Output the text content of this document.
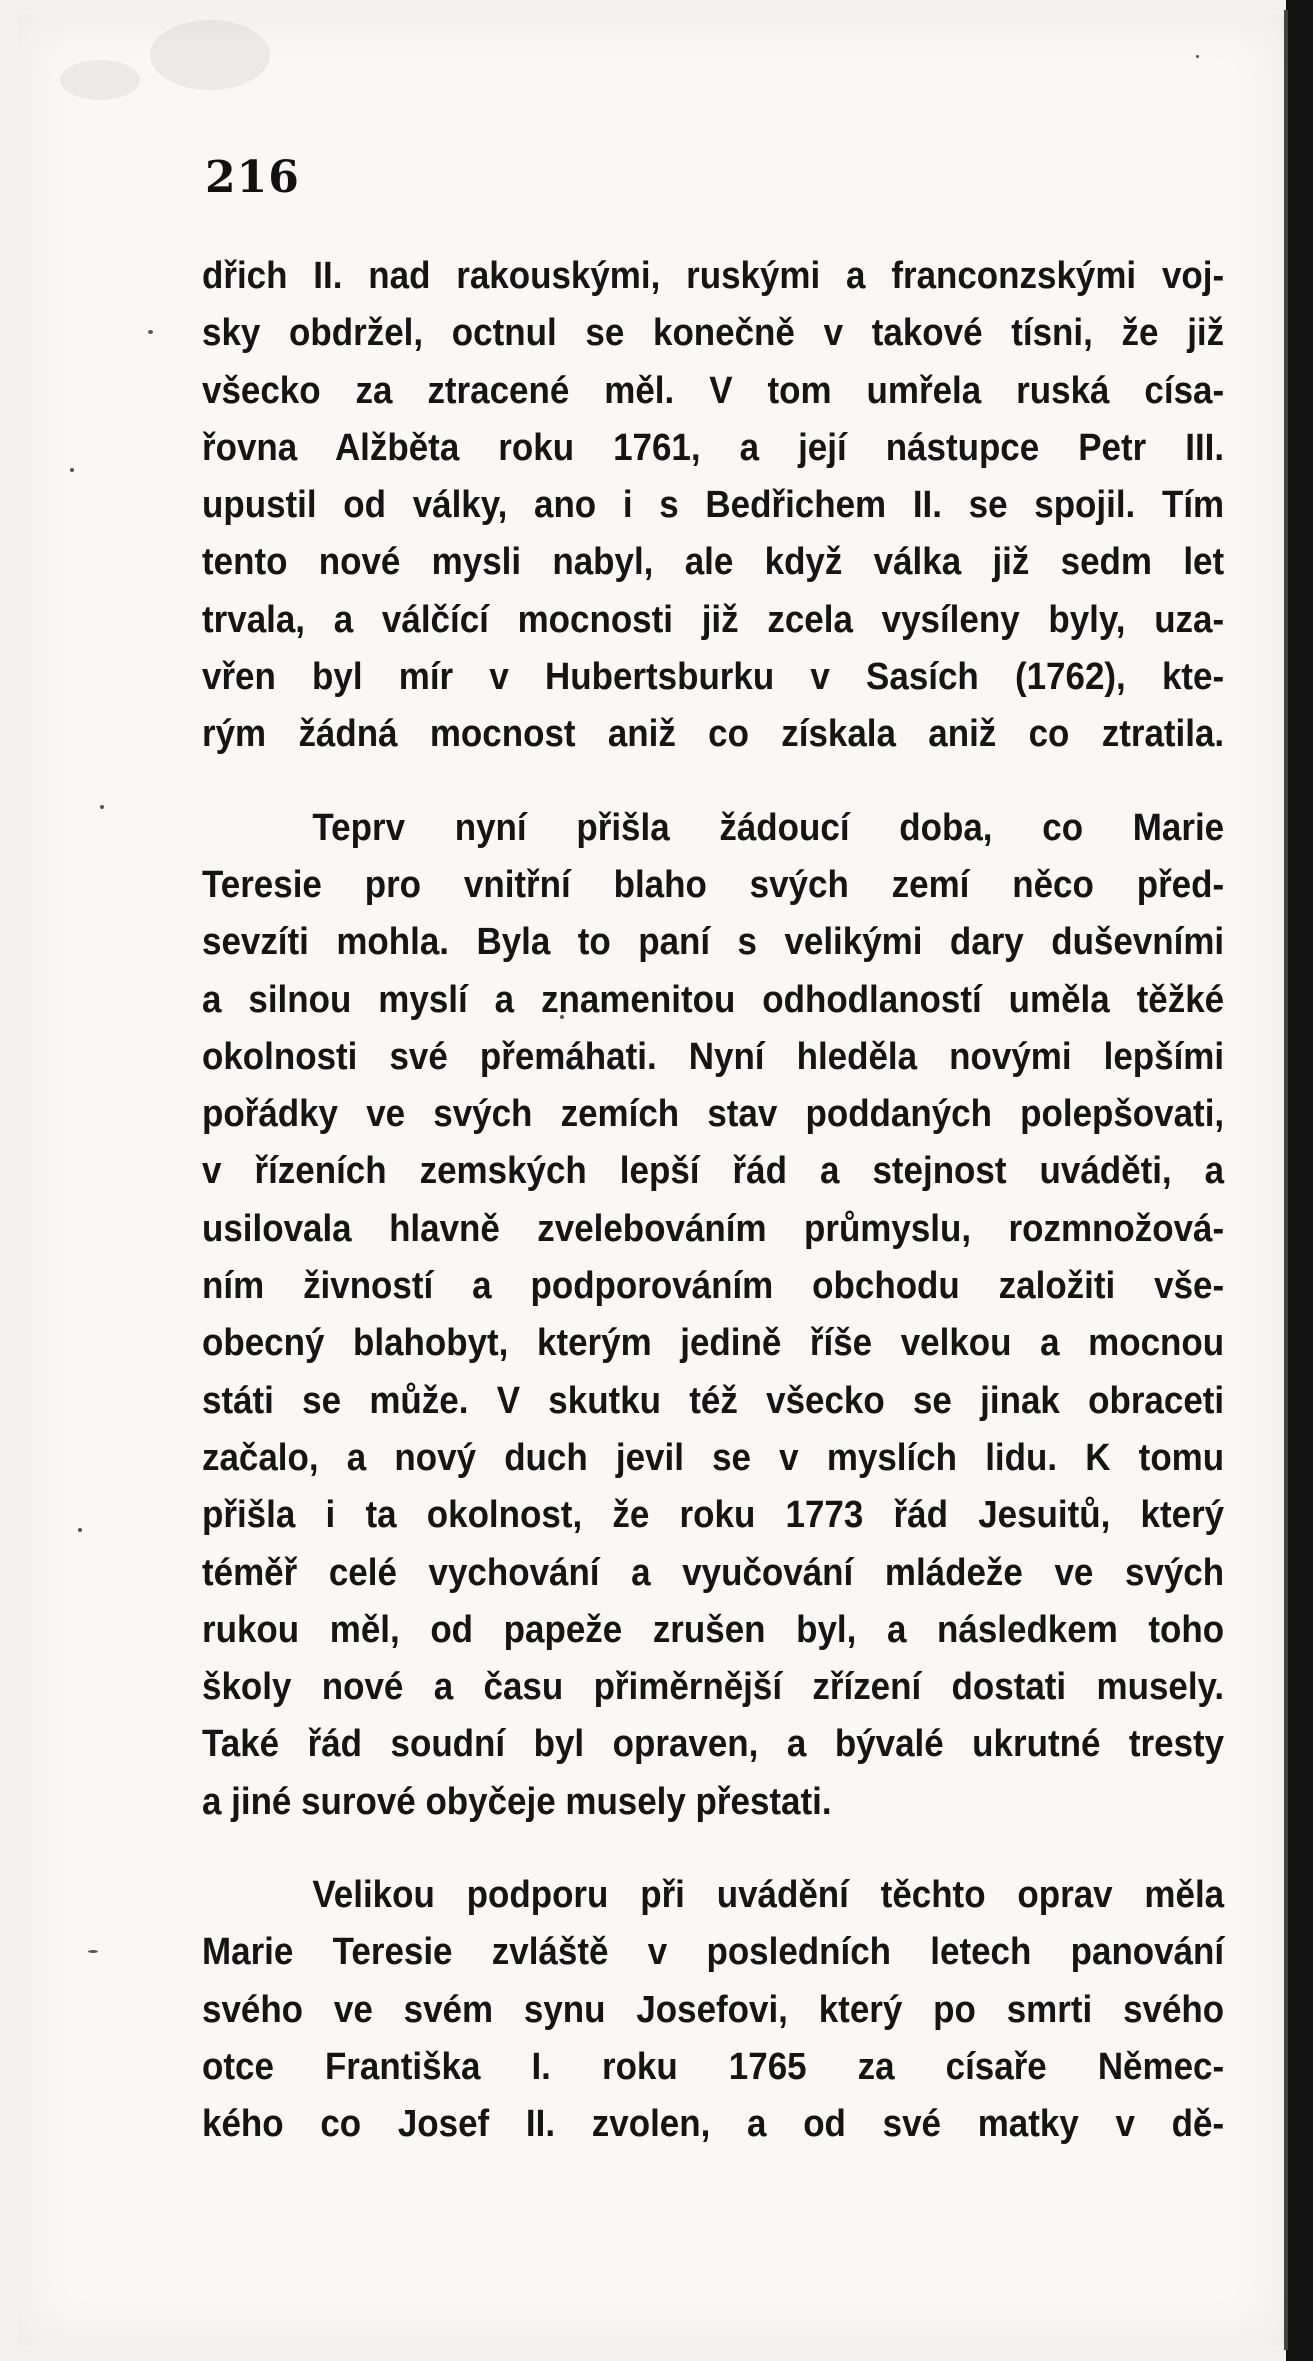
216
dřich II. nad rakouskými, ruskými a franconzskými voj-
sky obdržel, octnul se konečně v takové tísni, že již
všecko za ztracené měl. V tom umřela ruská císa-
řovna Alžběta roku 1761, a její nástupce Petr III.
upustil od války, ano i s Bedřichem II. se spojil. Tím
tento nové mysli nabyl, ale když válka již sedm let
trvala, a válčící mocnosti již zcela vysíleny byly, uza-
vřen byl mír v Hubertsburku v Sasích (1762), kte-
rým žádná mocnost aniž co získala aniž co ztratila.
Teprv nyní přišla žádoucí doba, co Marie
Teresie pro vnitřní blaho svých zemí něco před-
sevzíti mohla. Byla to paní s velikými dary duševními
a silnou myslí a znamenitou odhodlaností uměla těžké
okolnosti své přemáhati. Nyní hleděla novými lepšími
pořádky ve svých zemích stav poddaných polepšovati,
v řízeních zemských lepší řád a stejnost uváděti, a
usilovala hlavně zvelebováním průmyslu, rozmnožová-
ním živností a podporováním obchodu založiti vše-
obecný blahobyt, kterým jedině říše velkou a mocnou
státi se může. V skutku též všecko se jinak obraceti
začalo, a nový duch jevil se v myslích lidu. K tomu
přišla i ta okolnost, že roku 1773 řád Jesuitů, který
téměř celé vychování a vyučování mládeže ve svých
rukou měl, od papeže zrušen byl, a následkem toho
školy nové a času přiměrnější zřízení dostati musely.
Také řád soudní byl opraven, a bývalé ukrutné tresty
a jiné surové obyčeje musely přestati.
Velikou podporu při uvádění těchto oprav měla
Marie Teresie zvláště v posledních letech panování
svého ve svém synu Josefovi, který po smrti svého
otce Františka I. roku 1765 za císaře Němec-
kého co Josef II. zvolen, a od své matky v dě-
